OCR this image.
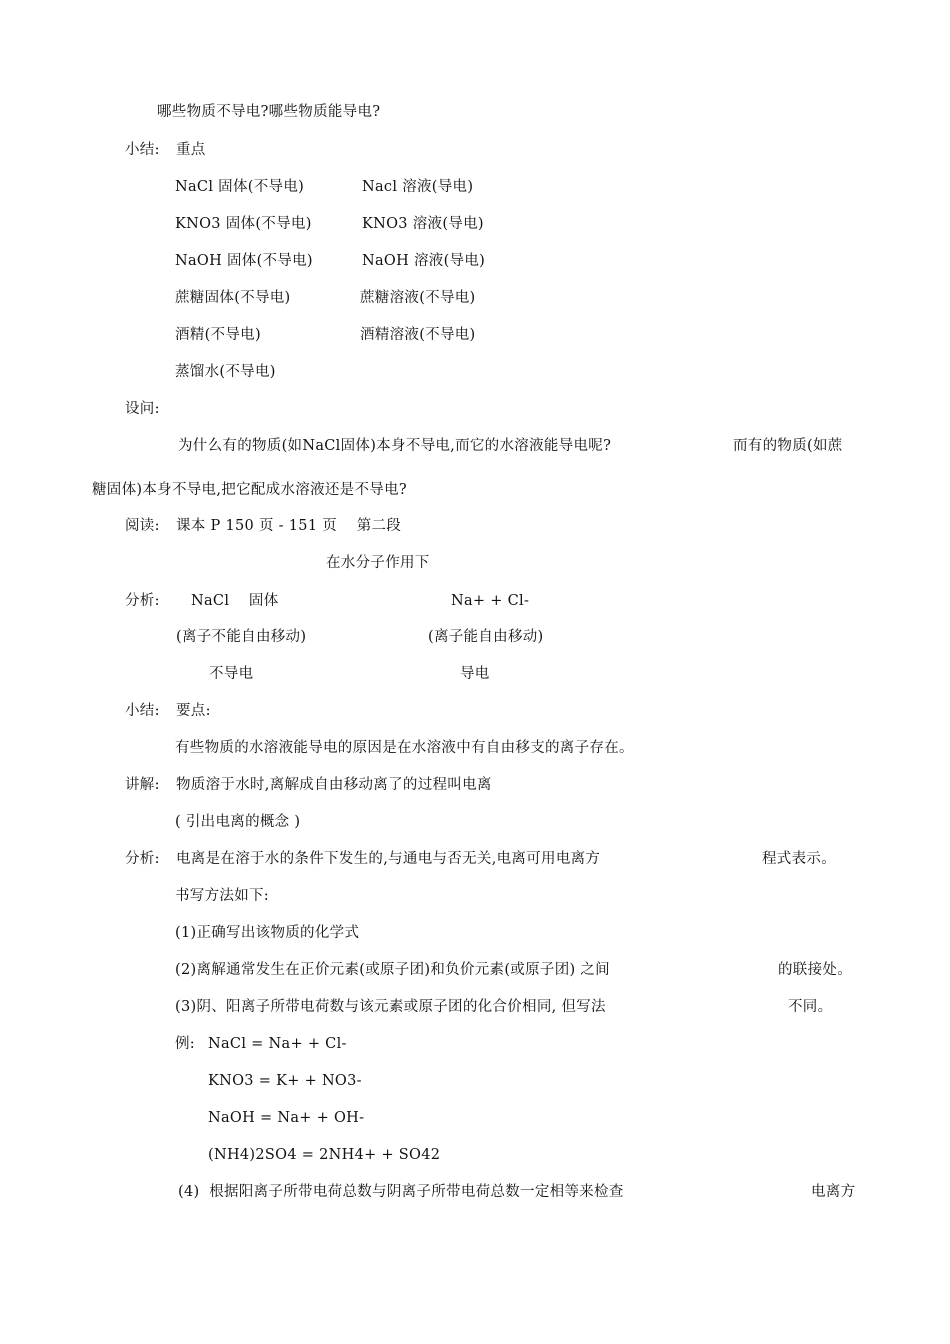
哪些物质不导电?哪些物质能导电?
小结: 重点
NaCl 固体(不导电)	Nacl 溶液(导电)
KNO3 固体(不导电)	KNO3 溶液(导电)
NaOH 固体(不导电)	NaOH 溶液(导电)
蔗糖固体(不导电)	蔗糖溶液(不导电)
酒精(不导电)	酒精溶液(不导电)
蒸馏水(不导电)
设问:
为什么有的物质(如NaCl固体)本身不导电,而它的水溶液能导电呢?	而有的物质(如蔗
糖固体)本身不导电,把它配成水溶液还是不导电?
阅读: 课本 P 150 页 - 151 页    第二段
在水分子作用下
分析: NaCl    固体	Na+ + Cl-
(离子不能自由移动)	(离子能自由移动)
不导电	导电
小结: 要点:
有些物质的水溶液能导电的原因是在水溶液中有自由移支的离子存在。
讲解: 物质溶于水时,离解成自由移动离了的过程叫电离
( 引出电离的概念 )
分析: 电离是在溶于水的条件下发生的,与通电与否无关,电离可用电离方	程式表示。
书写方法如下:
(1)正确写出该物质的化学式
(2)离解通常发生在正价元素(或原子团)和负价元素(或原子团) 之间	的联接处。
(3)阴、阳离子所带电荷数与该元素或原子团的化合价相同, 但写法	不同。
例: NaCl = Na+ + Cl-
KNO3 = K+ + NO3-
NaOH = Na+ + OH-
(NH4)2SO4 = 2NH4+ + SO42
(4)  根据阳离子所带电荷总数与阴离子所带电荷总数一定相等来检查	电离方
